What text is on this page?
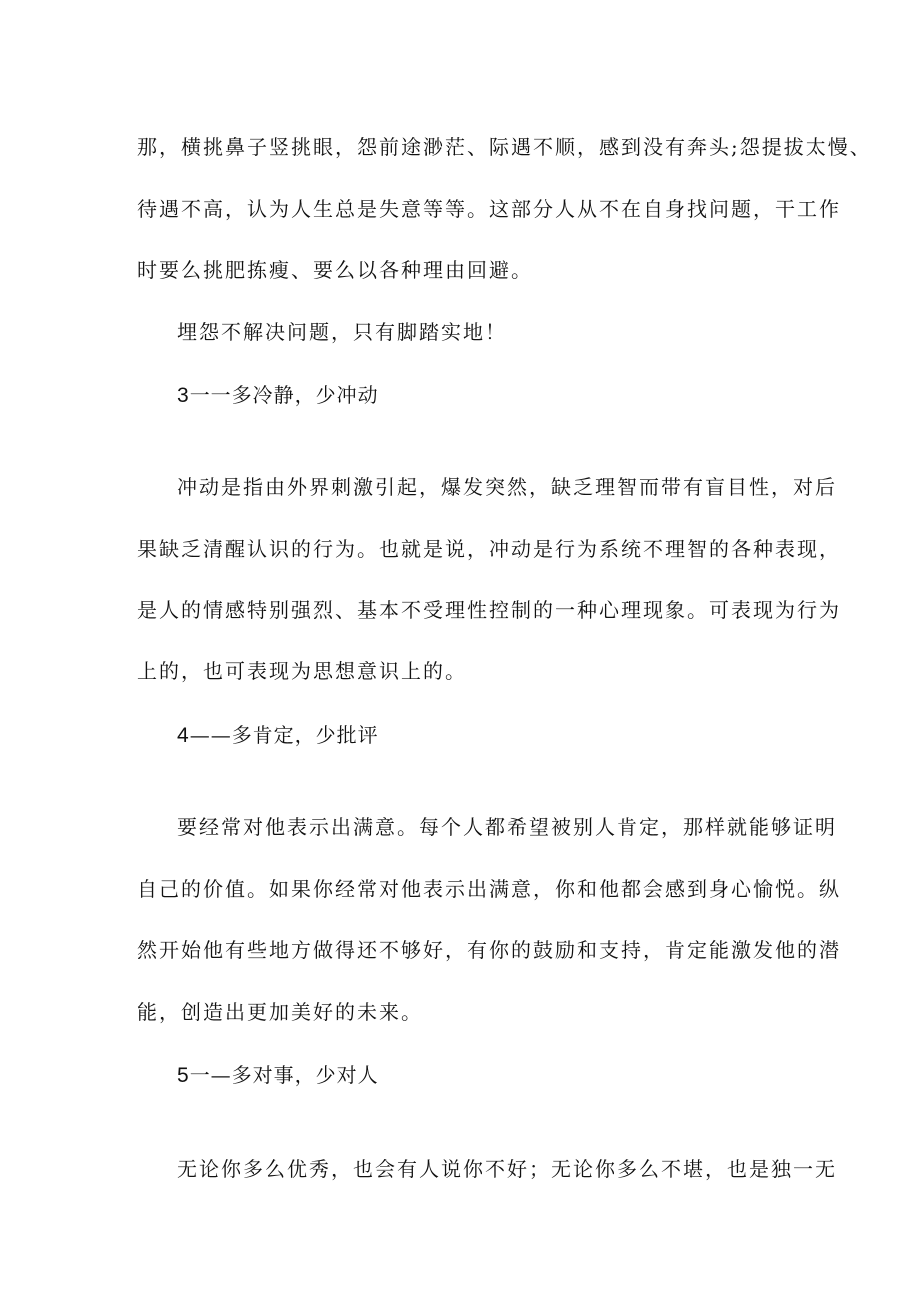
那，横挑鼻子竖挑眼，怨前途渺茫、际遇不顺，感到没有奔头;怨提拔太慢、
待遇不高，认为人生总是失意等等。这部分人从不在自身找问题，干工作
时要么挑肥拣瘦、要么以各种理由回避。
埋怨不解决问题，只有脚踏实地！
3一一多冷静，少冲动
冲动是指由外界刺激引起，爆发突然，缺乏理智而带有盲目性，对后
果缺乏清醒认识的行为。也就是说，冲动是行为系统不理智的各种表现，
是人的情感特别强烈、基本不受理性控制的一种心理现象。可表现为行为
上的，也可表现为思想意识上的。
4——多肯定，少批评
要经常对他表示出满意。每个人都希望被别人肯定，那样就能够证明
自己的价值。如果你经常对他表示出满意，你和他都会感到身心愉悦。纵
然开始他有些地方做得还不够好，有你的鼓励和支持，肯定能激发他的潜
能，创造出更加美好的未来。
5一—多对事，少对人
无论你多么优秀，也会有人说你不好；无论你多么不堪，也是独一无
